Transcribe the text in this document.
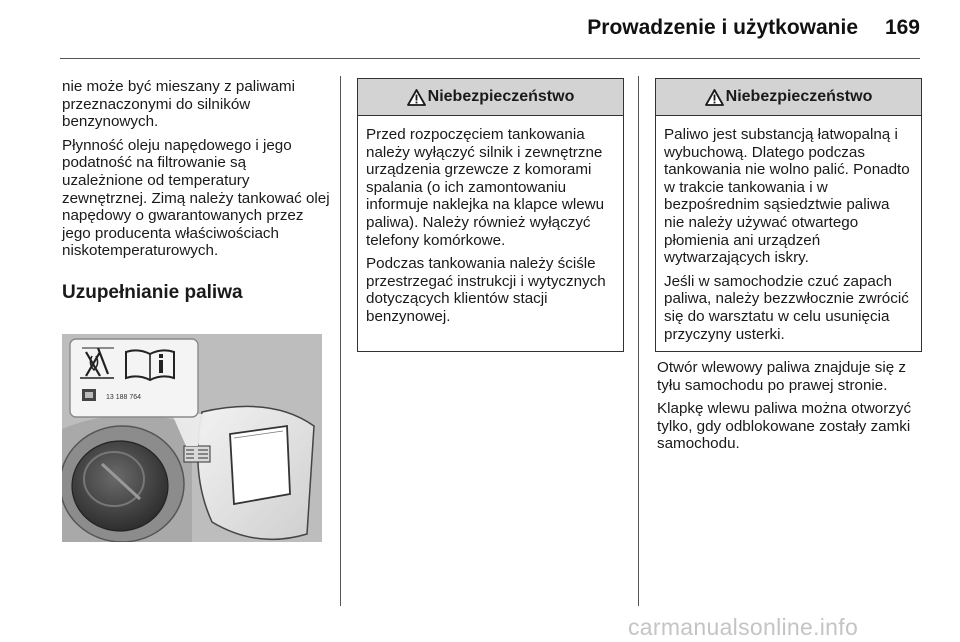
Prowadzenie i użytkowanie 169

nie może być mieszany z paliwami przeznaczonymi do silników benzynowych.

Płynność oleju napędowego i jego podatność na filtrowanie są uzależnione od temperatury zewnętrznej. Zimą należy tankować olej napędowy o gwarantowanych przez jego producenta właściwościach niskotemperaturowych.

Uzupełnianie paliwa
13 188 764
Niebezpieczeństwo

Przed rozpoczęciem tankowania należy wyłączyć silnik i zewnętrzne urządzenia grzewcze z komorami spalania (o ich zamontowaniu informuje naklejka na klapce wlewu paliwa). Należy również wyłączyć telefony komórkowe.

Podczas tankowania należy ściśle przestrzegać instrukcji i wytycznych dotyczących klientów stacji benzynowej.

Niebezpieczeństwo

Paliwo jest substancją łatwopalną i wybuchową. Dlatego podczas tankowania nie wolno palić. Ponadto w trakcie tankowania i w bezpośrednim sąsiedztwie paliwa nie należy używać otwartego płomienia ani urządzeń wytwarzających iskry.

Jeśli w samochodzie czuć zapach paliwa, należy bezzwłocznie zwrócić się do warsztatu w celu usunięcia przyczyny usterki.

Otwór wlewowy paliwa znajduje się z tyłu samochodu po prawej stronie.

Klapkę wlewu paliwa można otworzyć tylko, gdy odblokowane zostały zamki samochodu.

carmanualsonline.info
